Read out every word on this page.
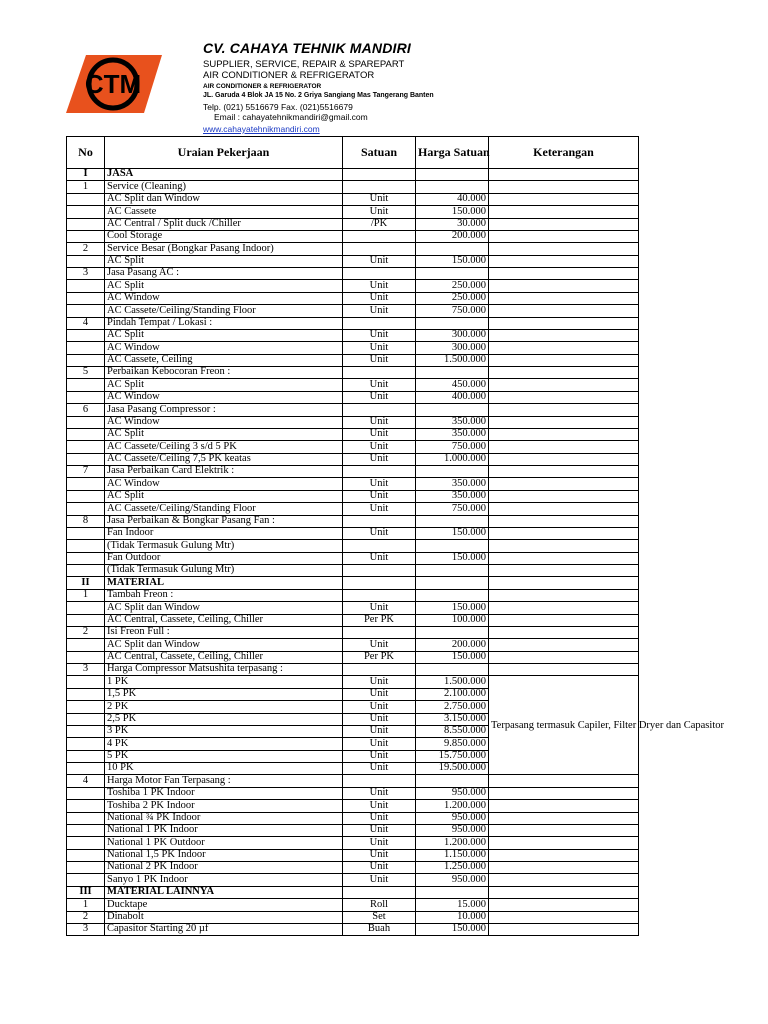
CTM
CV. CAHAYA TEHNIK MANDIRI
SUPPLIER, SERVICE, REPAIR & SPAREPART
AIR CONDITIONER & REFRIGERATOR
AIR CONDITIONER & REFRIGERATOR
JL. Garuda 4 Blok JA 15 No. 2 Griya Sangiang Mas Tangerang Banten
Telp. (021) 5516679 Fax. (021)5516679
Email : cahayatehnikmandiri@gmail.com
www.cahayatehnikmandiri.com
No	Uraian Pekerjaan	Satuan	Harga Satuan	Keterangan
I	JASA			
1	Service (Cleaning)			
	AC Split dan Window	Unit	40.000	
	AC Cassete	Unit	150.000	
	AC Central / Split duck /Chiller	/PK	30.000	
	Cool Storage		200.000	
2	Service Besar (Bongkar Pasang Indoor)			
	AC Split	Unit	150.000	
3	Jasa Pasang AC :			
	AC Split	Unit	250.000	
	AC Window	Unit	250.000	
	AC Cassete/Ceiling/Standing Floor	Unit	750.000	
4	Pindah Tempat / Lokasi :			
	AC Split	Unit	300.000	
	AC Window	Unit	300.000	
	AC Cassete, Ceiling	Unit	1.500.000	
5	Perbaikan Kebocoran Freon :			
	AC Split	Unit	450.000	
	AC Window	Unit	400.000	
6	Jasa Pasang Compressor :			
	AC Window	Unit	350.000	
	AC Split	Unit	350.000	
	AC Cassete/Ceiling 3 s/d 5 PK	Unit	750.000	
	AC Cassete/Ceiling 7,5 PK keatas	Unit	1.000.000	
7	Jasa Perbaikan Card Elektrik :			
	AC Window	Unit	350.000	
	AC Split	Unit	350.000	
	AC Cassete/Ceiling/Standing Floor	Unit	750.000	
8	Jasa Perbaikan & Bongkar Pasang Fan :			
	Fan Indoor	Unit	150.000	
	(Tidak Termasuk Gulung Mtr)			
	Fan Outdoor	Unit	150.000	
	(Tidak Termasuk Gulung Mtr)			
II	MATERIAL			
1	Tambah Freon :			
	AC Split dan Window	Unit	150.000	
	AC Central, Cassete, Ceiling, Chiller	Per PK	100.000	
2	Isi Freon Full :			
	AC Split dan Window	Unit	200.000	
	AC Central, Cassete, Ceiling, Chiller	Per PK	150.000	
3	Harga Compressor Matsushita terpasang :			
	1 PK	Unit	1.500.000	Terpasang termasuk Capiler, Filter Dryer dan Capasitor
	1,5 PK	Unit	2.100.000	
	2 PK	Unit	2.750.000	
	2,5 PK	Unit	3.150.000	
	3 PK	Unit	8.550.000	
	4 PK	Unit	9.850.000	
	5 PK	Unit	15.750.000	
	10 PK	Unit	19.500.000	
4	Harga Motor Fan Terpasang :			
	Toshiba 1 PK Indoor	Unit	950.000	
	Toshiba 2 PK Indoor	Unit	1.200.000	
	National ¾ PK Indoor	Unit	950.000	
	National 1 PK Indoor	Unit	950.000	
	National 1 PK Outdoor	Unit	1.200.000	
	National 1,5 PK Indoor	Unit	1.150.000	
	National 2 PK Indoor	Unit	1.250.000	
	Sanyo 1 PK Indoor	Unit	950.000	
III	MATERIAL LAINNYA			
1	Ducktape	Roll	15.000	
2	Dinabolt	Set	10.000	
3	Capasitor Starting 20 µf	Buah	150.000	
